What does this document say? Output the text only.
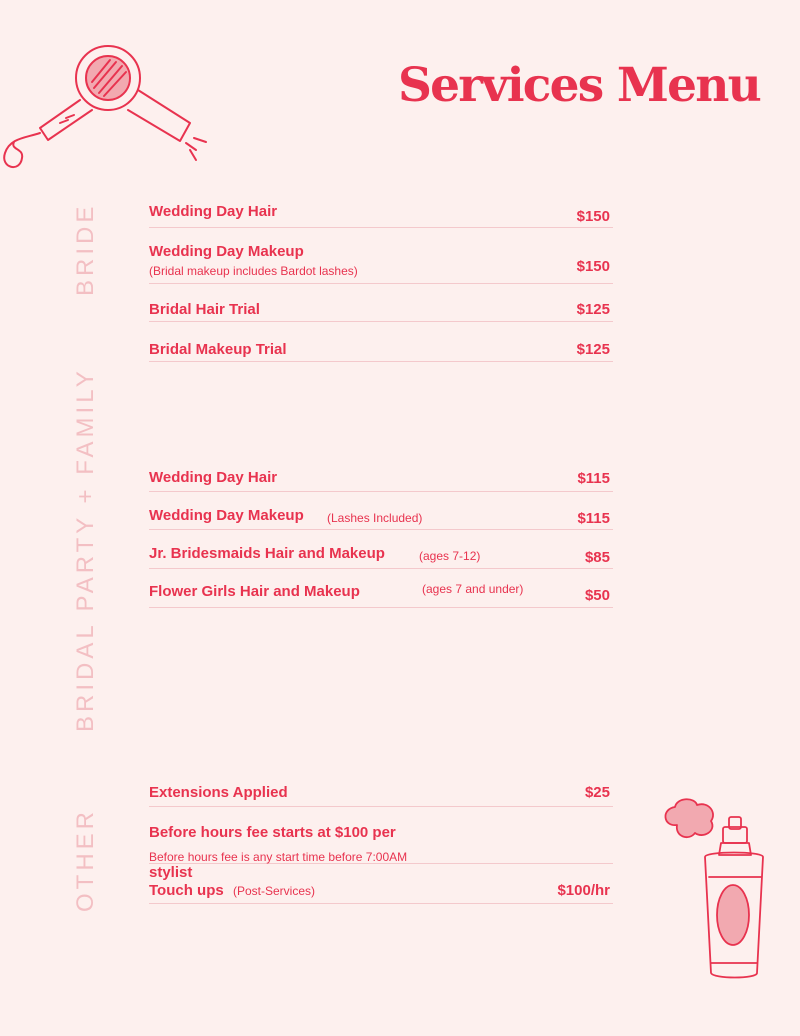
Services Menu
BRIDE
BRIDAL PARTY + FAMILY
OTHER
Wedding Day Hair	$150
Wedding Day Makeup
(Bridal makeup includes Bardot lashes)	$150
Bridal Hair Trial	$125
Bridal Makeup Trial	$125
Wedding Day Hair	$115
Wedding Day Makeup (Lashes Included)	$115
Jr. Bridesmaids Hair and Makeup	(ages 7-12)	$85
Flower Girls Hair and Makeup	(ages 7 and under)	$50
Extensions Applied	$25
Before hours fee starts at $100 per
Before hours fee is any start time before 7:00AM
stylist
Touch ups (Post-Services)	$100/hr
